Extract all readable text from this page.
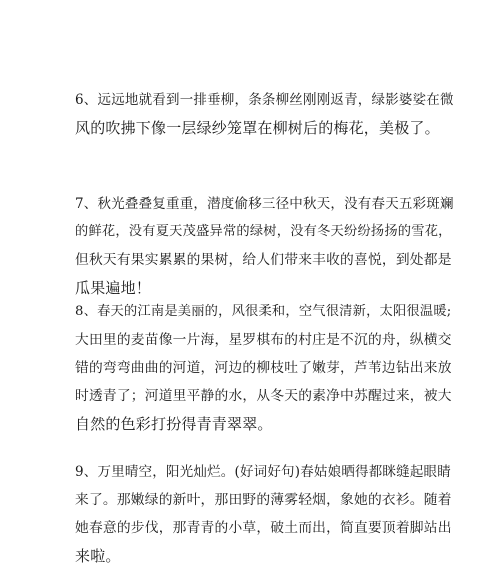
6、远远地就看到一排垂柳，条条柳丝刚刚返青，绿影婆娑在微
风的吹拂下像一层绿纱笼罩在柳树后的梅花，美极了。
7、秋光叠叠复重重，潜度偷移三径中秋天，没有春天五彩斑斓
的鲜花，没有夏天茂盛异常的绿树，没有冬天纷纷扬扬的雪花，
但秋天有果实累累的果树，给人们带来丰收的喜悦，到处都是
瓜果遍地！
8、春天的江南是美丽的，风很柔和，空气很清新，太阳很温暖;
大田里的麦苗像一片海，星罗棋布的村庄是不沉的舟，纵横交
错的弯弯曲曲的河道，河边的柳枝吐了嫩芽，芦苇边钻出来放
时透青了；河道里平静的水，从冬天的素净中苏醒过来，被大
自然的色彩打扮得青青翠翠。
9、万里晴空，阳光灿烂。(好词好句)春姑娘晒得都眯缝起眼睛
来了。那嫩绿的新叶，那田野的薄雾轻烟，象她的衣衫。随着
她春意的步伐，那青青的小草，破土而出，简直要顶着脚站出
来啦。
